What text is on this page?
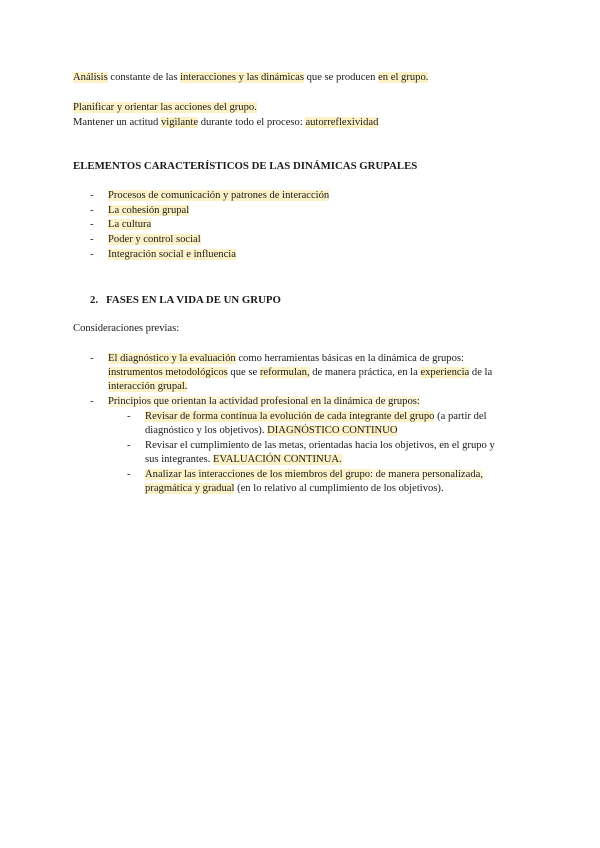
Análisis constante de las interacciones y las dinámicas que se producen en el grupo.
Planificar y orientar las acciones del grupo.
Mantener un actitud vigilante durante todo el proceso: autorreflexividad
ELEMENTOS CARACTERÍSTICOS DE LAS DINÁMICAS GRUPALES
-	Procesos de comunicación y patrones de interacción
-	La cohesión grupal
-	La cultura
-	Poder y control social
-	Integración social e influencia
2. FASES EN LA VIDA DE UN GRUPO
Consideraciones previas:
-	El diagnóstico y la evaluación como herramientas básicas en la dinámica de grupos:
instrumentos metodológicos que se reformulan, de manera práctica, en la experiencia de la
interacción grupal.
-	Principios que orientan la actividad profesional en la dinámica de grupos:
-	Revisar de forma continua la evolución de cada integrante del grupo (a partir del
diagnóstico y los objetivos). DIAGNÓSTICO CONTINUO
-	Revisar el cumplimiento de las metas, orientadas hacia los objetivos, en el grupo y
sus integrantes. EVALUACIÓN CONTINUA.
-	Analizar las interacciones de los miembros del grupo: de manera personalizada,
pragmática y gradual (en lo relativo al cumplimiento de los objetivos).
